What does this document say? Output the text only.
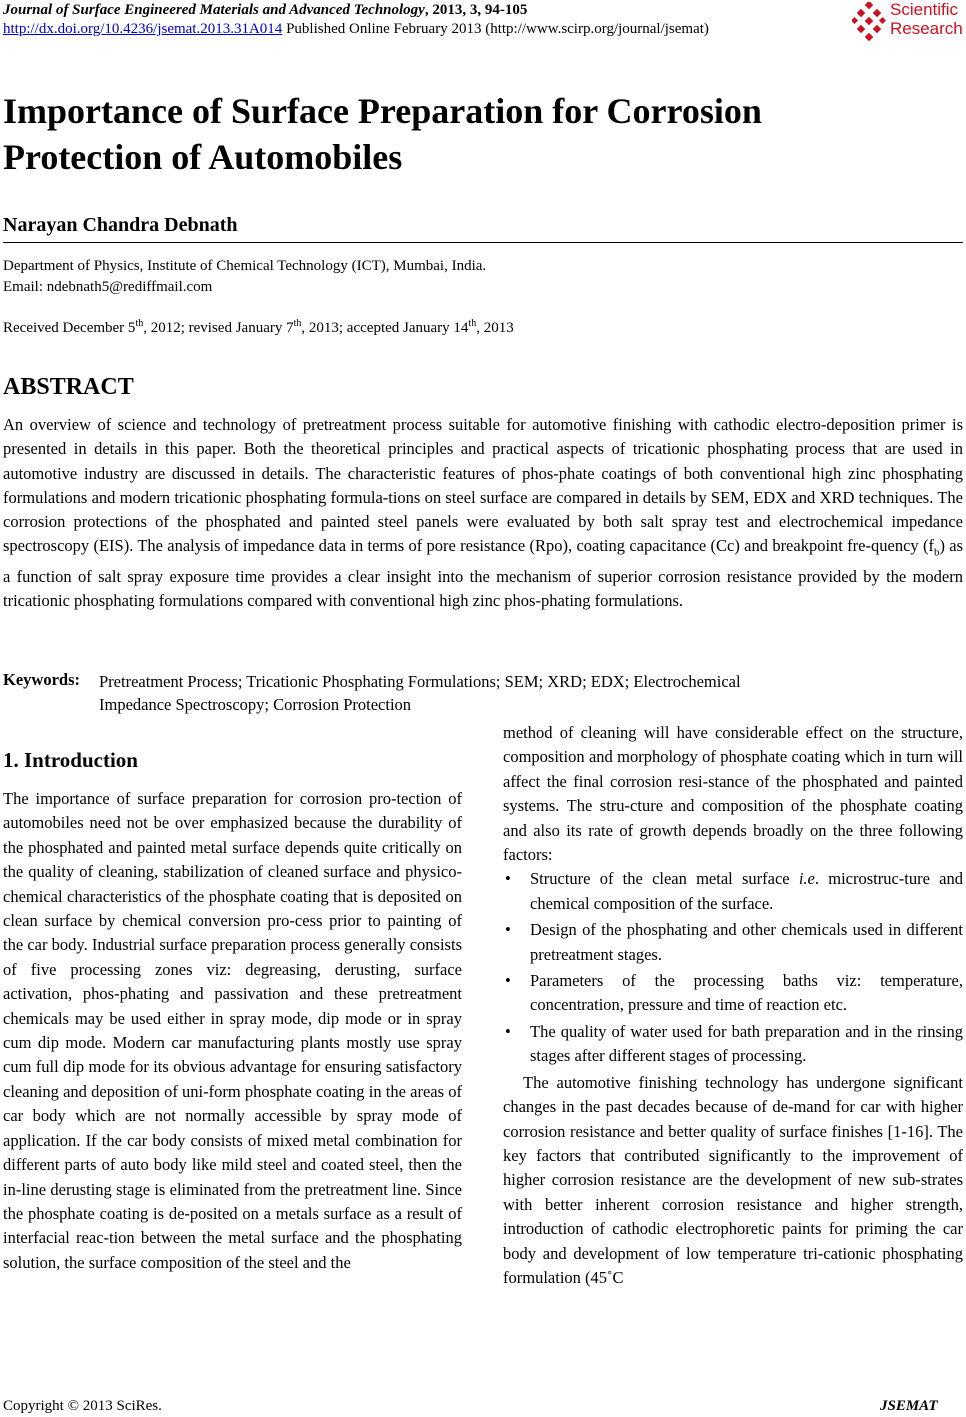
Journal of Surface Engineered Materials and Advanced Technology, 2013, 3, 94-105
http://dx.doi.org/10.4236/jsemat.2013.31A014 Published Online February 2013 (http://www.scirp.org/journal/jsemat)
Scientific
Research
Importance of Surface Preparation for Corrosion Protection of Automobiles
Narayan Chandra Debnath
Department of Physics, Institute of Chemical Technology (ICT), Mumbai, India.
Email: ndebnath5@rediffmail.com
Received December 5th, 2012; revised January 7th, 2013; accepted January 14th, 2013
ABSTRACT
An overview of science and technology of pretreatment process suitable for automotive finishing with cathodic electro-deposition primer is presented in details in this paper. Both the theoretical principles and practical aspects of tricationic phosphating process that are used in automotive industry are discussed in details. The characteristic features of phos-phate coatings of both conventional high zinc phosphating formulations and modern tricationic phosphating formula-tions on steel surface are compared in details by SEM, EDX and XRD techniques. The corrosion protections of the phosphated and painted steel panels were evaluated by both salt spray test and electrochemical impedance spectroscopy (EIS). The analysis of impedance data in terms of pore resistance (Rpo), coating capacitance (Cc) and breakpoint fre-quency $(f_b)$ as a function of salt spray exposure time provides a clear insight into the mechanism of superior corrosion resistance provided by the modern tricationic phosphating formulations compared with conventional high zinc phos-phating formulations.
Keywords: Pretreatment Process; Tricationic Phosphating Formulations; SEM; XRD; EDX; Electrochemical
Impedance Spectroscopy; Corrosion Protection
1. Introduction

The importance of surface preparation for corrosion pro-tection of automobiles need not be over emphasized because the durability of the phosphated and painted metal surface depends quite critically on the quality of cleaning, stabilization of cleaned surface and physico-chemical characteristics of the phosphate coating that is deposited on clean surface by chemical conversion pro-cess prior to painting of the car body. Industrial surface preparation process generally consists of five processing zones viz: degreasing, derusting, surface activation, phos-phating and passivation and these pretreatment chemicals may be used either in spray mode, dip mode or in spray cum dip mode. Modern car manufacturing plants mostly use spray cum full dip mode for its obvious advantage for ensuring satisfactory cleaning and deposition of uni-form phosphate coating in the areas of car body which are not normally accessible by spray mode of application. If the car body consists of mixed metal combination for different parts of auto body like mild steel and coated steel, then the in-line derusting stage is eliminated from the pretreatment line. Since the phosphate coating is de-posited on a metals surface as a result of interfacial reac-tion between the metal surface and the phosphating solution, the surface composition of the steel and the

method of cleaning will have considerable effect on the structure, composition and morphology of phosphate coating which in turn will affect the final corrosion resi-stance of the phosphated and painted systems. The stru-cture and composition of the phosphate coating and also its rate of growth depends broadly on the three following factors:

• Structure of the clean metal surface i.e. microstruc-ture and chemical composition of the surface.
• Design of the phosphating and other chemicals used in different pretreatment stages.
• Parameters of the processing baths viz: temperature, concentration, pressure and time of reaction etc.
• The quality of water used for bath preparation and in the rinsing stages after different stages of processing.

The automotive finishing technology has undergone significant changes in the past decades because of de-mand for car with higher corrosion resistance and better quality of surface finishes [1-16]. The key factors that contributed significantly to the improvement of higher corrosion resistance are the development of new sub-strates with better inherent corrosion resistance and higher strength, introduction of cathodic electrophoretic paints for priming the car body and development of low temperature tri-cationic phosphating formulation (45˚C

Copyright © 2013 SciRes.	JSEMAT
